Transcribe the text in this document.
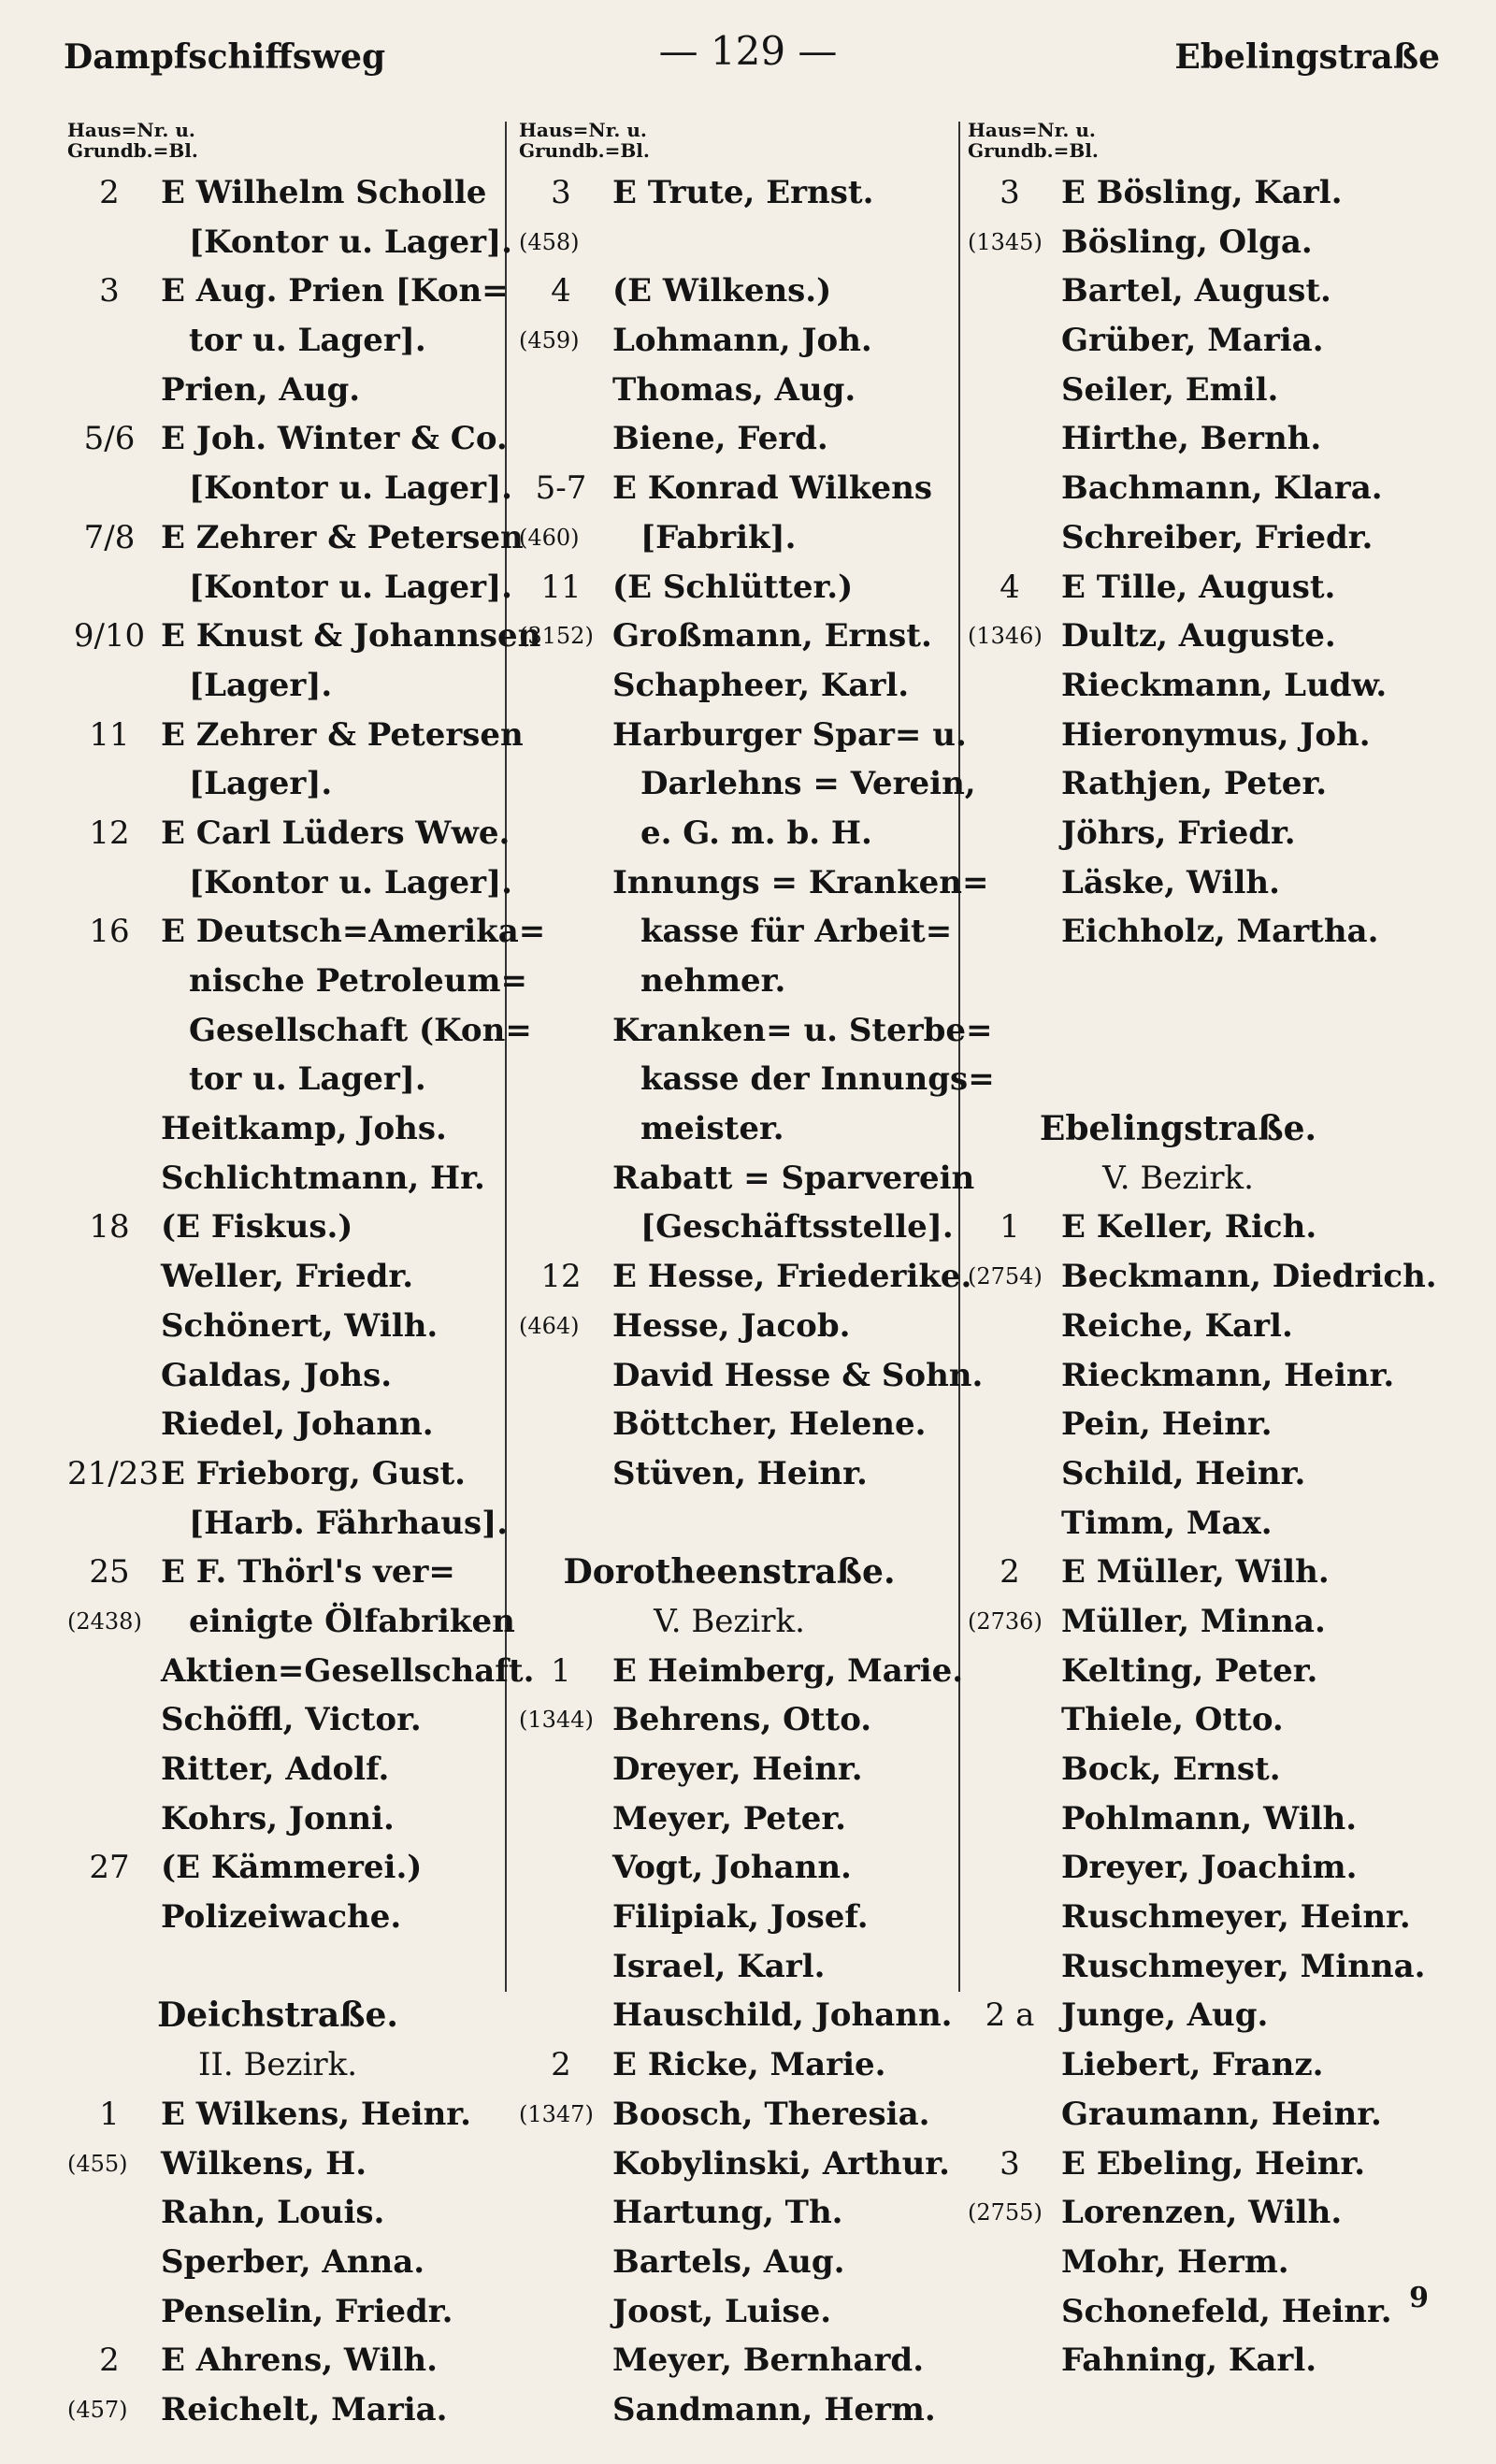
Dampfschiffsweg	— 129 —	Ebelingstraße
Haus=Nr. u.
Grundb.=Bl.
2	E Wilhelm Scholle
[Kontor u. Lager].
3	E Aug. Prien [Kon=
tor u. Lager].
Prien, Aug.
5/6 E Joh. Winter & Co.
[Kontor u. Lager].
7/8 E Zehrer & Petersen
[Kontor u. Lager].
9/10 E Knust & Johannsen
[Lager].
11 E Zehrer & Petersen
[Lager].
12 E Carl Lüders Wwe.
[Kontor u. Lager].
16 E Deutsch=Amerika=
nische Petroleum=
Gesellschaft (Kon=
tor u. Lager].
Heitkamp, Johs.
Schlichtmann, Hr.
18 (E Fiskus.)
Weller, Friedr.
Schönert, Wilh.
Galdas, Johs.
Riedel, Johann.
21/23 E Frieborg, Gust.
[Harb. Fährhaus].
25 E F. Thörl's ver=
(2438)	einigte Ölfabriken
Aktien=Gesellschaft.
Schöffl, Victor.
Ritter, Adolf.
Kohrs, Jonni.
27 (E Kämmerei.)
Polizeiwache.
Deichstraße.
II. Bezirk.
1	E Wilkens, Heinr.
(455)	Wilkens, H.
Rahn, Louis.
Sperber, Anna.
Penselin, Friedr.
2	E Ahrens, Wilh.
(457)	Reichelt, Maria.
Haus=Nr. u.
Grundb.=Bl.
3	E Trute, Ernst.
(458)
4	(E Wilkens.)
(459)	Lohmann, Joh.
Thomas, Aug.
Biene, Ferd.
5-7 E Konrad Wilkens
(460)	[Fabrik].
11 (E Schlütter.)
(3152) Großmann, Ernst.
Schapheer, Karl.
Harburger Spar= u.
Darlehns = Verein,
e. G. m. b. H.
Innungs = Kranken=
kasse für Arbeit=
nehmer.
Kranken= u. Sterbe=
kasse der Innungs=
meister.
Rabatt = Sparverein
[Geschäftsstelle].
12 E Hesse, Friederike.
(464)	Hesse, Jacob.
David Hesse & Sohn.
Böttcher, Helene.
Stüven, Heinr.
Dorotheenstraße.
V. Bezirk.
1	E Heimberg, Marie.
(1344) Behrens, Otto.
Dreyer, Heinr.
Meyer, Peter.
Vogt, Johann.
Filipiak, Josef.
Israel, Karl.
Hauschild, Johann.
2	E Ricke, Marie.
(1347) Boosch, Theresia.
Kobylinski, Arthur.
Hartung, Th.
Bartels, Aug.
Joost, Luise.
Meyer, Bernhard.
Sandmann, Herm.
Haus=Nr. u.
Grundb.=Bl.
3	E Bösling, Karl.
(1345) Bösling, Olga.
Bartel, August.
Grüber, Maria.
Seiler, Emil.
Hirthe, Bernh.
Bachmann, Klara.
Schreiber, Friedr.
4	E Tille, August.
(1346) Dultz, Auguste.
Rieckmann, Ludw.
Hieronymus, Joh.
Rathjen, Peter.
Jöhrs, Friedr.
Läske, Wilh.
Eichholz, Martha.
Ebelingstraße.
V. Bezirk.
1	E Keller, Rich.
(2754) Beckmann, Diedrich.
Reiche, Karl.
Rieckmann, Heinr.
Pein, Heinr.
Schild, Heinr.
Timm, Max.
2	E Müller, Wilh.
(2736) Müller, Minna.
Kelting, Peter.
Thiele, Otto.
Bock, Ernst.
Pohlmann, Wilh.
Dreyer, Joachim.
Ruschmeyer, Heinr.
Ruschmeyer, Minna.
2 a Junge, Aug.
Liebert, Franz.
Graumann, Heinr.
3	E Ebeling, Heinr.
(2755) Lorenzen, Wilh.
Mohr, Herm.
Schonefeld, Heinr.
Fahning, Karl.
9
